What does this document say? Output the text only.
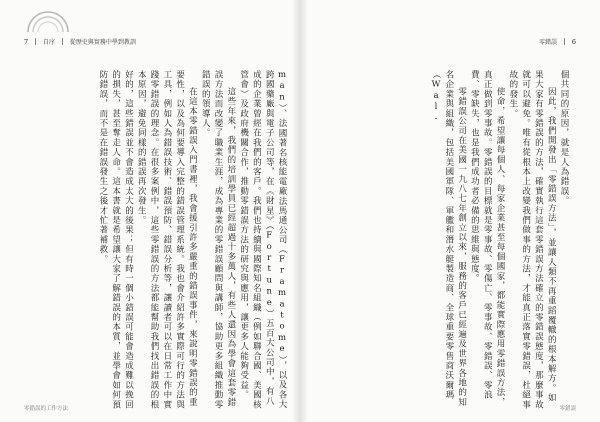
7 自序 從歷史與實務中學到教訓

man）、法國著名核能電廠法馬通公司（Framatome），以及各大跨國藥廠與電子公司等，在《財星》（Fortune）五百大公司中，有八成的企業曾經在我們的客戶。我們也持續與國際知名組織（例如聯合國、美國核管會）及政府機關合作，推動零錯誤方法的研究與應用，讓更多人能夠受益。

這些年來，我們的培訓學員已經超過十多萬人，有些人還因為學會這套零錯誤方法而改變了職業生涯，成為專業的零錯誤顧問與講師，協助更多組織推動零錯誤的領導人。

在這本零錯誤入門書裡，我會援引許多嚴重的錯誤事件，來說明零錯誤的重要性，以及為何要導入完整的錯誤管理系統。我也會介紹許多實際可行的方法與工具，例如人為錯誤技術、錯誤預防、錯誤分析等，讓讀者可以在日常工作中實踐零錯誤的理念。在很多案例中，這些零錯誤的方法都能幫助我們找出錯誤的根本原因，避免同樣的錯誤再次發生。

好的，這些錯誤並不會造成太大的後果；但有時一個小錯誤可能會造成難以挽回的損失，甚至奪走人命。這本書就是希望讓大家了解錯誤的本質，並學會如何預防錯誤，而不是在錯誤發生之後才忙著補救。

零錯誤的工作方法
零錯誤 6

個共同的原因，就是人為錯誤。

因此，我們開發出「零錯誤方法」，並讓人類不再重蹈覆轍的根本解方。如果大家有零錯誤的方法，確實執行這套零錯誤方法確立的零錯誤態度，那麼事故就可以避免。唯有從根本上改變我們做事的方法，才能真正落實零錯誤，杜絕事故的發生。

使命，希望讓每個人、每家企業甚至每個國家，都能實際應用零錯誤方法，真正做到零事故。零錯誤的目標就是零事故、零傷亡、零事故、零錯誤、零浪費、零缺失，也是我們成功者必備的思維與態度。

零錯誤公司在美國一九八七年創立以來，服務的客戶已經遍及世界各地的知名企業與組織，包括美國軍隊、軍艦和潛水艇製造商、全球重要零售商沃爾瑪（Wal-

零錯誤
